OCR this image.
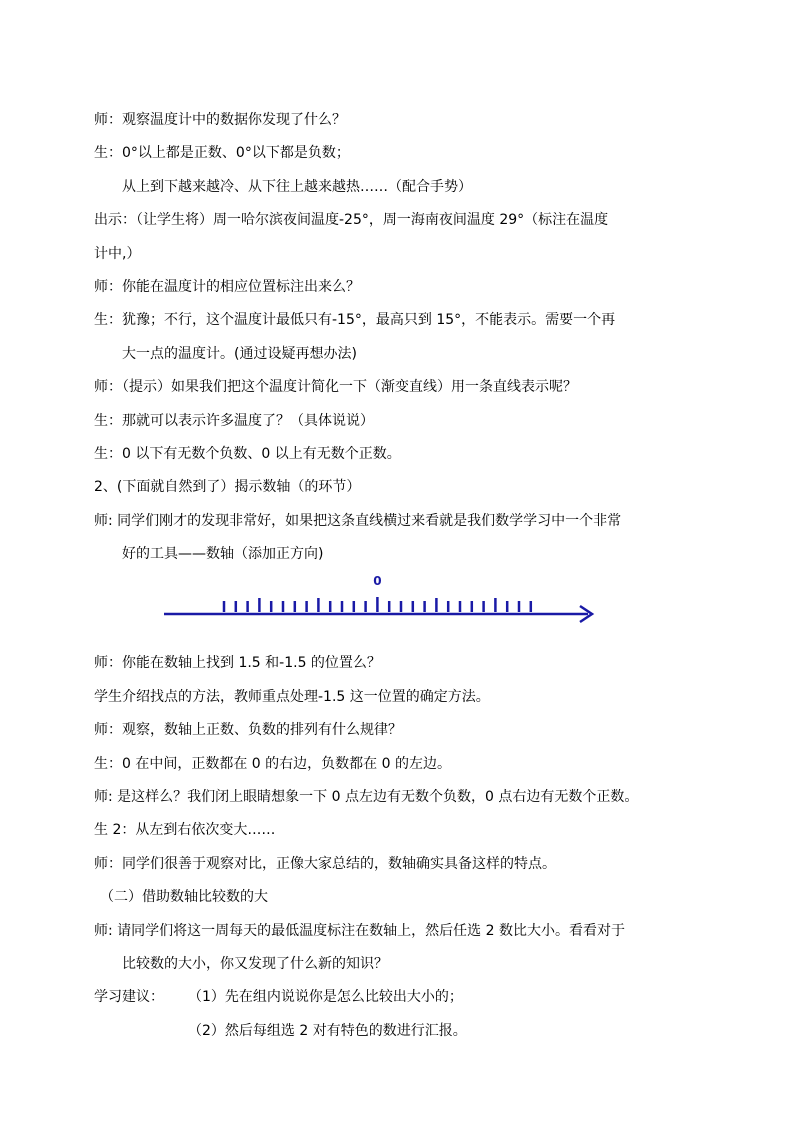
师：观察温度计中的数据你发现了什么？
生：0°以上都是正数、0°以下都是负数；
从上到下越来越冷、从下往上越来越热……（配合手势）
出示：（让学生将）周一哈尔滨夜间温度-25°，周一海南夜间温度 29°（标注在温度
计中,）
师：你能在温度计的相应位置标注出来么？
生：犹豫；不行，这个温度计最低只有-15°，最高只到 15°，不能表示。需要一个再
大一点的温度计。(通过设疑再想办法)
师：（提示）如果我们把这个温度计简化一下（渐变直线）用一条直线表示呢？
生：那就可以表示许多温度了？（具体说说）
生：0 以下有无数个负数、0 以上有无数个正数。
2、(下面就自然到了）揭示数轴（的环节）
师: 同学们刚才的发现非常好，如果把这条直线横过来看就是我们数学学习中一个非常
好的工具——数轴（添加正方向)
0
师：你能在数轴上找到 1.5 和-1.5 的位置么？
学生介绍找点的方法，教师重点处理-1.5 这一位置的确定方法。
师：观察，数轴上正数、负数的排列有什么规律？
生：0 在中间，正数都在 0 的右边，负数都在 0 的左边。
师: 是这样么？我们闭上眼睛想象一下 0 点左边有无数个负数，0 点右边有无数个正数。
生 2：从左到右依次变大……
师：同学们很善于观察对比，正像大家总结的，数轴确实具备这样的特点。
（二）借助数轴比较数的大
师: 请同学们将这一周每天的最低温度标注在数轴上，然后任选 2 数比大小。看看对于
比较数的大小，你又发现了什么新的知识？
学习建议： （1）先在组内说说你是怎么比较出大小的；
（2）然后每组选 2 对有特色的数进行汇报。
